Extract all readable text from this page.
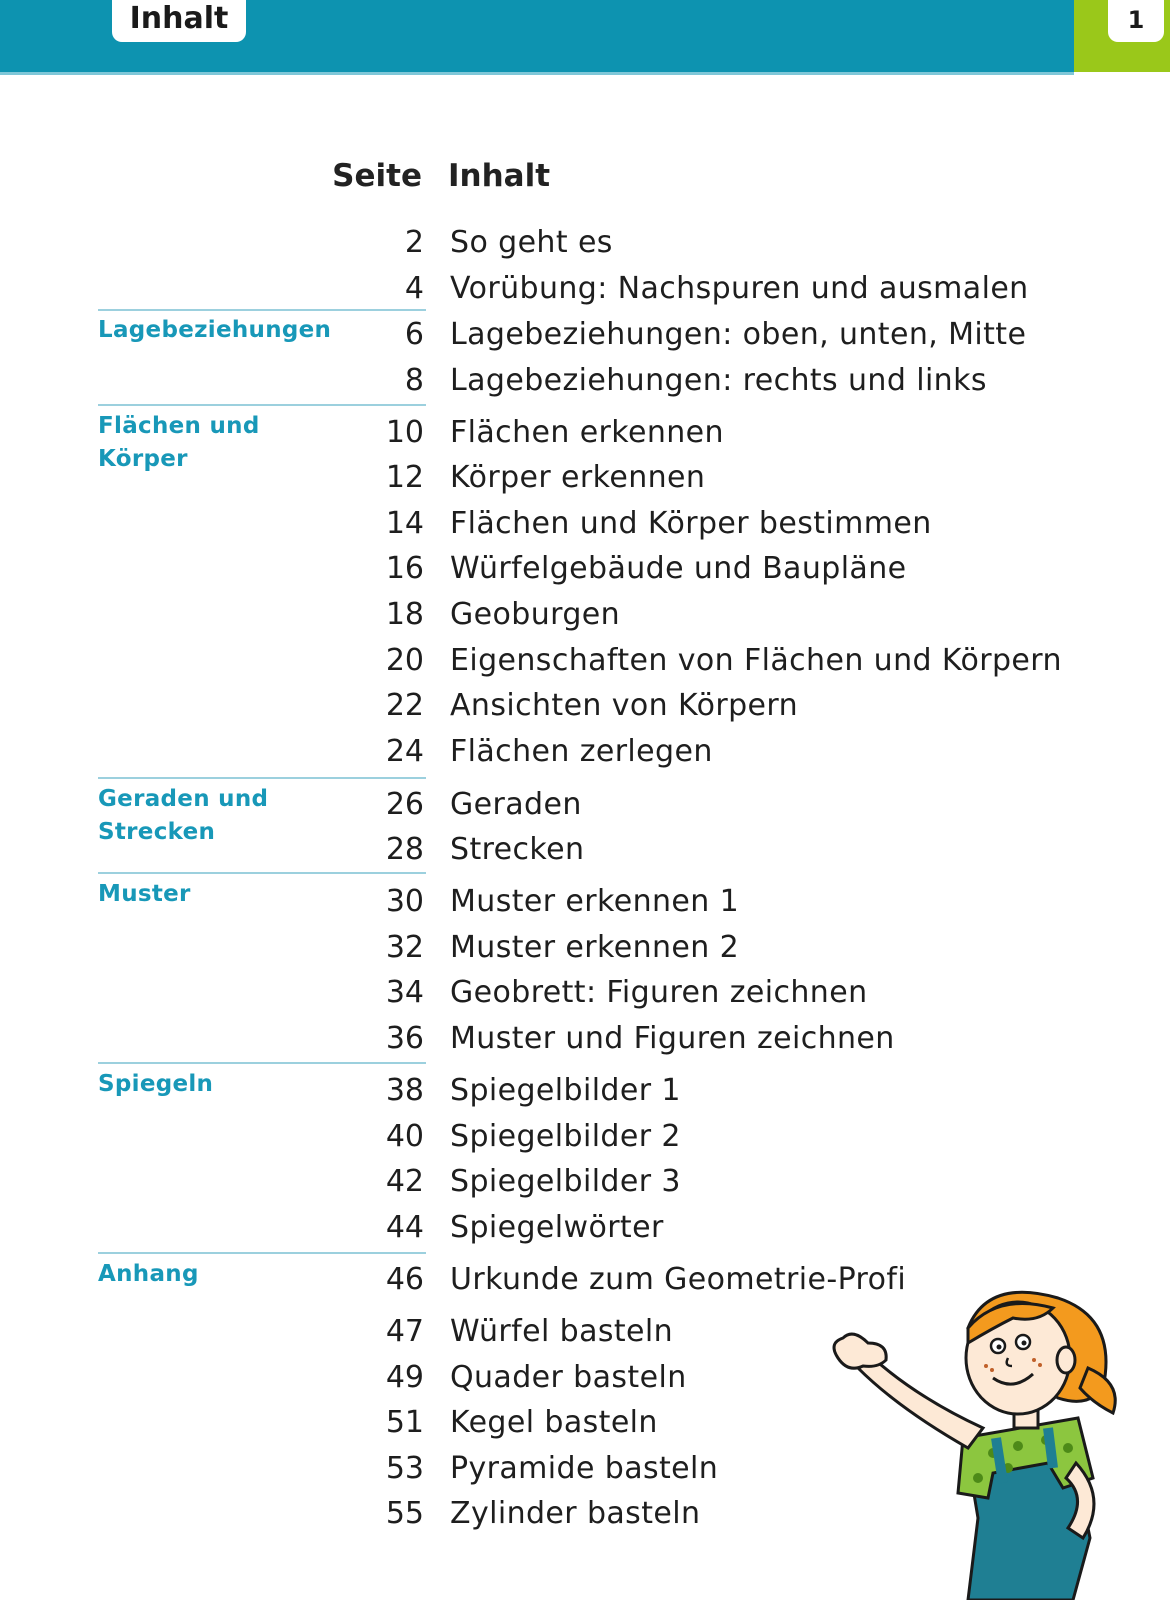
Inhalt	1
Seite Inhalt
Lagebeziehungen
Flächen und Körper
Geraden und Strecken
Muster
Spiegeln
Anhang
2 So geht es
4 Vorübung: Nachspuren und ausmalen
6 Lagebeziehungen: oben, unten, Mitte
8 Lagebeziehungen: rechts und links
10 Flächen erkennen
12 Körper erkennen
14 Flächen und Körper bestimmen
16 Würfelgebäude und Baupläne
18 Geoburgen
20 Eigenschaften von Flächen und Körpern
22 Ansichten von Körpern
24 Flächen zerlegen
26 Geraden
28 Strecken
30 Muster erkennen 1
32 Muster erkennen 2
34 Geobrett: Figuren zeichnen
36 Muster und Figuren zeichnen
38 Spiegelbilder 1
40 Spiegelbilder 2
42 Spiegelbilder 3
44 Spiegelwörter
46 Urkunde zum Geometrie-Profi
47 Würfel basteln
49 Quader basteln
51 Kegel basteln
53 Pyramide basteln
55 Zylinder basteln
